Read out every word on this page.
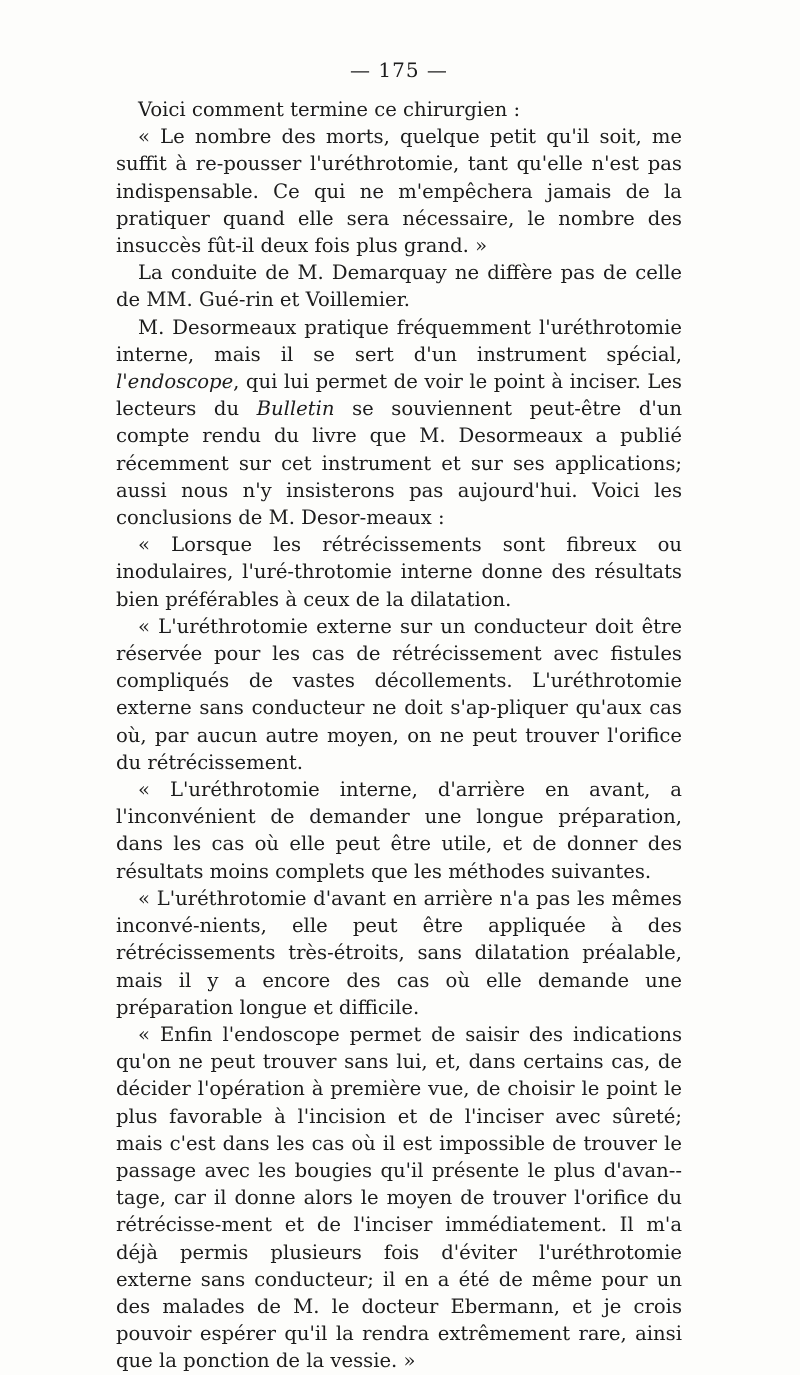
— 175 —

Voici comment termine ce chirurgien :

« Le nombre des morts, quelque petit qu'il soit, me suffit à re-pousser l'uréthrotomie, tant qu'elle n'est pas indispensable. Ce qui ne m'empêchera jamais de la pratiquer quand elle sera nécessaire, le nombre des insuccès fût-il deux fois plus grand. »

La conduite de M. Demarquay ne diffère pas de celle de MM. Gué-rin et Voillemier.

M. Desormeaux pratique fréquemment l'uréthrotomie interne, mais il se sert d'un instrument spécial, l'endoscope, qui lui permet de voir le point à inciser. Les lecteurs du Bulletin se souviennent peut-être d'un compte rendu du livre que M. Desormeaux a publié récemment sur cet instrument et sur ses applications; aussi nous n'y insisterons pas aujourd'hui. Voici les conclusions de M. Desor-meaux :

« Lorsque les rétrécissements sont fibreux ou inodulaires, l'uré-throtomie interne donne des résultats bien préférables à ceux de la dilatation.

« L'uréthrotomie externe sur un conducteur doit être réservée pour les cas de rétrécissement avec fistules compliqués de vastes décollements. L'uréthrotomie externe sans conducteur ne doit s'ap-pliquer qu'aux cas où, par aucun autre moyen, on ne peut trouver l'orifice du rétrécissement.

« L'uréthrotomie interne, d'arrière en avant, a l'inconvénient de demander une longue préparation, dans les cas où elle peut être utile, et de donner des résultats moins complets que les méthodes suivantes.

« L'uréthrotomie d'avant en arrière n'a pas les mêmes inconvé-nients, elle peut être appliquée à des rétrécissements très-étroits, sans dilatation préalable, mais il y a encore des cas où elle demande une préparation longue et difficile.

« Enfin l'endoscope permet de saisir des indications qu'on ne peut trouver sans lui, et, dans certains cas, de décider l'opération à première vue, de choisir le point le plus favorable à l'incision et de l'inciser avec sûreté; mais c'est dans les cas où il est impossible de trouver le passage avec les bougies qu'il présente le plus d'avan-tage, car il donne alors le moyen de trouver l'orifice du rétrécisse-ment et de l'inciser immédiatement. Il m'a déjà permis plusieurs fois d'éviter l'uréthrotomie externe sans conducteur; il en a été de même pour un des malades de M. le docteur Ebermann, et je crois pouvoir espérer qu'il la rendra extrêmement rare, ainsi que la ponction de la vessie. »
